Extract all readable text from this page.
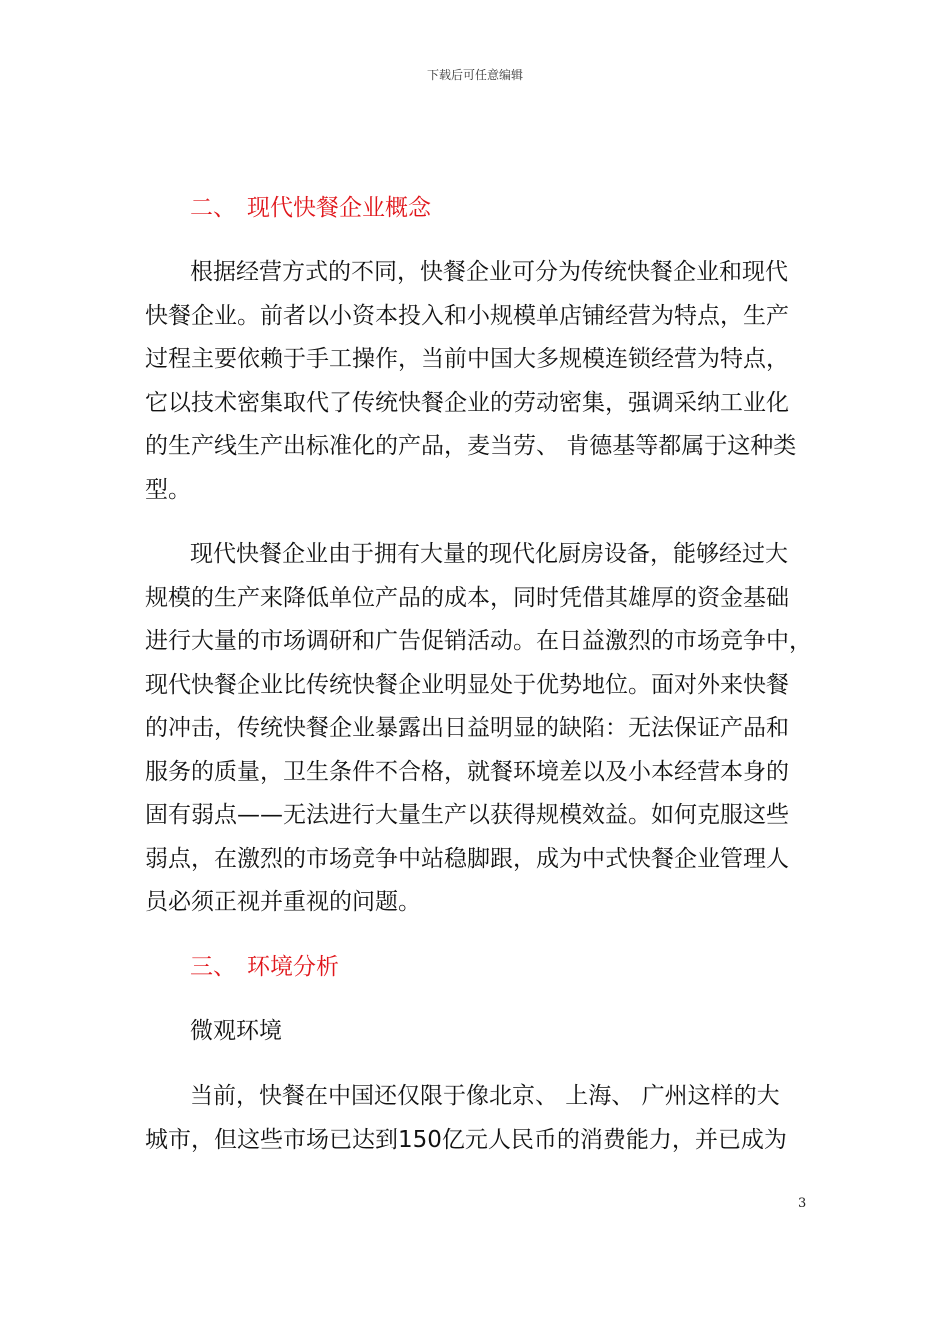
下载后可任意编辑
二、 现代快餐企业概念
根据经营方式的不同，快餐企业可分为传统快餐企业和现代
快餐企业。前者以小资本投入和小规模单店铺经营为特点，生产
过程主要依赖于手工操作，当前中国大多规模连锁经营为特点，
它以技术密集取代了传统快餐企业的劳动密集，强调采纳工业化
的生产线生产出标准化的产品，麦当劳、 肯德基等都属于这种类
型。
现代快餐企业由于拥有大量的现代化厨房设备，能够经过大
规模的生产来降低单位产品的成本，同时凭借其雄厚的资金基础
进行大量的市场调研和广告促销活动。在日益激烈的市场竞争中，
现代快餐企业比传统快餐企业明显处于优势地位。面对外来快餐
的冲击，传统快餐企业暴露出日益明显的缺陷：无法保证产品和
服务的质量，卫生条件不合格，就餐环境差以及小本经营本身的
固有弱点——无法进行大量生产以获得规模效益。如何克服这些
弱点，在激烈的市场竞争中站稳脚跟，成为中式快餐企业管理人
员必须正视并重视的问题。
三、 环境分析
微观环境
当前，快餐在中国还仅限于像北京、 上海、 广州这样的大
城市，但这些市场已达到150亿元人民币的消费能力，并已成为
3
